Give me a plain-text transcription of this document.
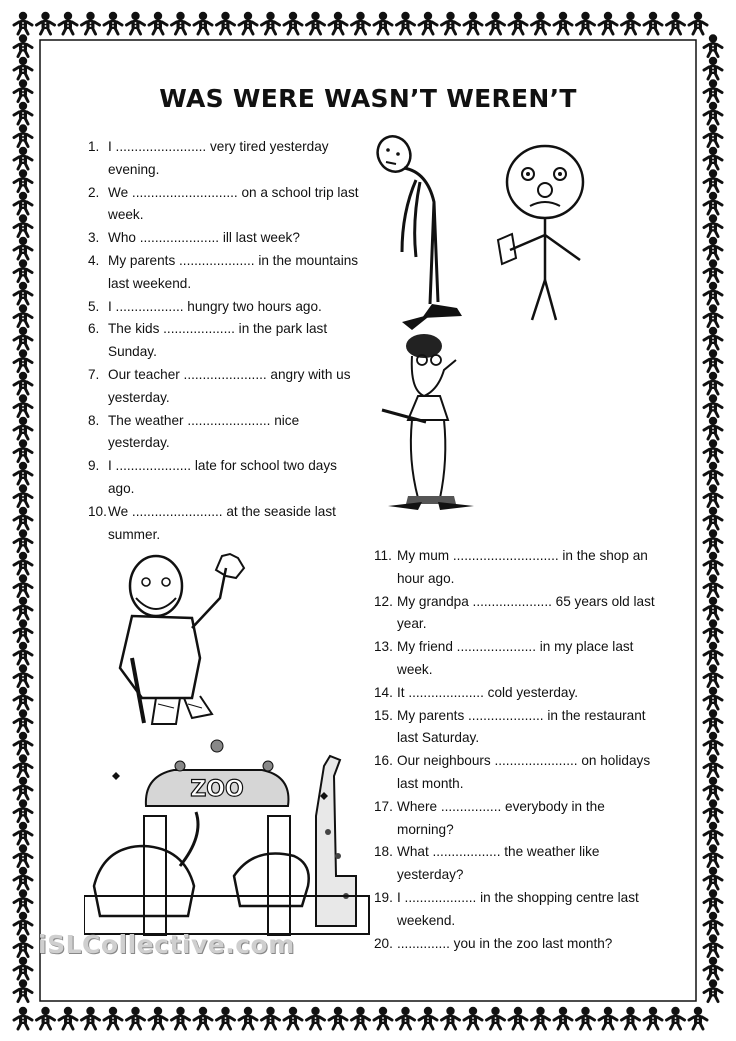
WAS WERE WASN’T WEREN’T
1. I ........................ very tired yesterday evening.
2. We ............................ on a school trip last week.
3. Who ..................... ill last week?
4. My parents .................... in the mountains last weekend.
5. I .................. hungry two hours ago.
6. The kids ................... in the park last Sunday.
7. Our teacher ...................... angry with us yesterday.
8. The weather ...................... nice yesterday.
9. I .................... late for school two days ago.
10. We ........................ at the seaside last summer.
11. My mum ............................ in the shop an hour ago.
12. My grandpa ..................... 65 years old last year.
13. My friend ..................... in my place last week.
14. It .................... cold yesterday.
15. My parents .................... in the restaurant last Saturday.
16. Our neighbours ...................... on holidays last month.
17. Where ................ everybody in the morning?
18. What .................. the weather like yesterday?
19. I ................... in the shopping centre last weekend.
20. .............. you in the zoo last month?
ZOO
iSLCollective.com
